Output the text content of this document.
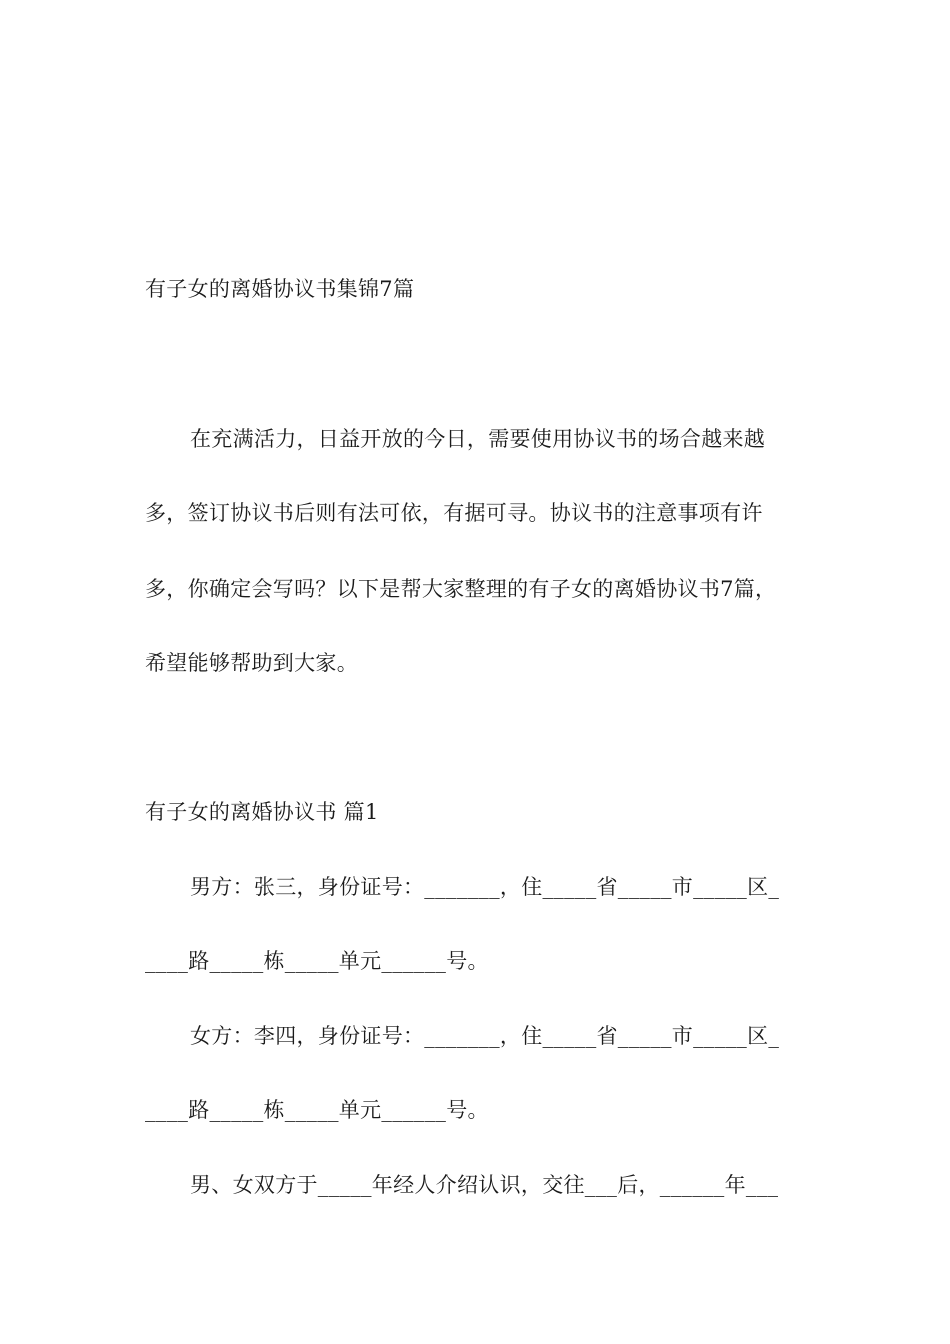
有子女的离婚协议书集锦7篇
在充满活力，日益开放的今日，需要使用协议书的场合越来越
多，签订协议书后则有法可依，有据可寻。协议书的注意事项有许
多，你确定会写吗？以下是帮大家整理的有子女的离婚协议书7篇，
希望能够帮助到大家。
有子女的离婚协议书 篇1
男方：张三，身份证号：_______，住_____省_____市_____区_
____路_____栋_____单元______号。
女方：李四，身份证号：_______，住_____省_____市_____区_
____路_____栋_____单元______号。
男、女双方于_____年经人介绍认识，交往___后，______年___
